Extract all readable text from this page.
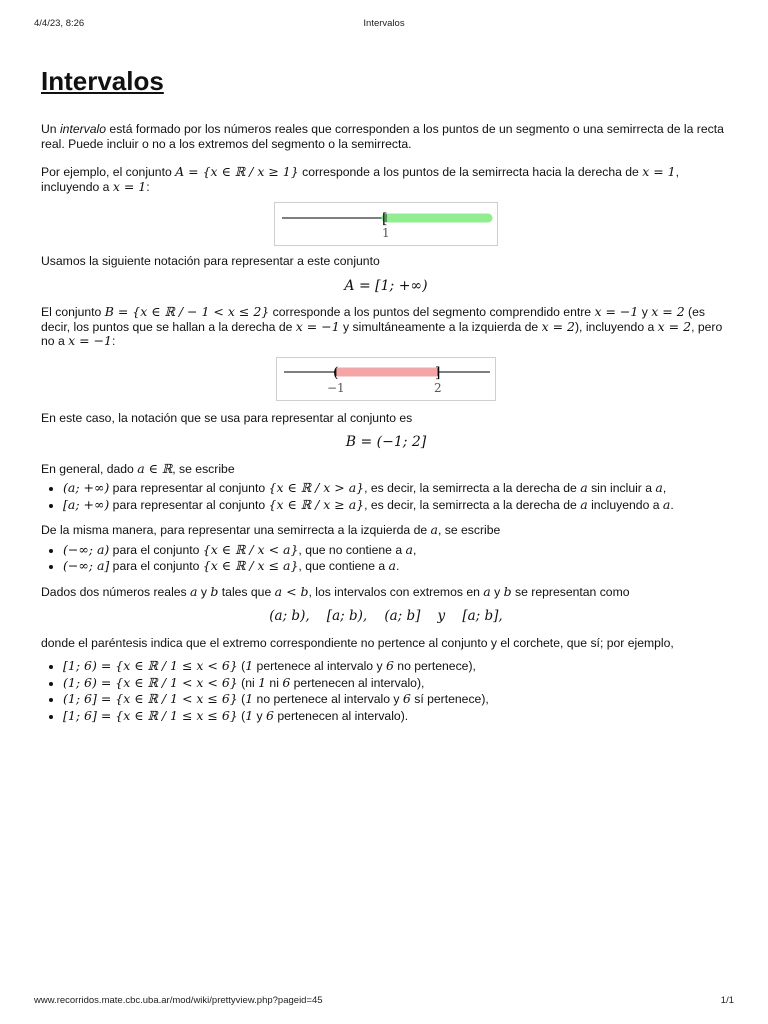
4/4/23, 8:26	Intervalos
Intervalos

Un intervalo está formado por los números reales que corresponden a los puntos de un segmento o una semirrecta de la recta real. Puede incluir o no a los extremos del segmento o la semirrecta.

Por ejemplo, el conjunto A = {x ∈ ℝ / x ≥ 1} corresponde a los puntos de la semirrecta hacia la derecha de x = 1, incluyendo a x = 1:

[
1

Usamos la siguiente notación para representar a este conjunto

A = [1; +∞)

El conjunto B = {x ∈ ℝ / − 1 < x ≤ 2} corresponde a los puntos del segmento comprendido entre x = −1 y x = 2 (es decir, los puntos que se hallan a la derecha de x = −1 y simultáneamente a la izquierda de x = 2), incluyendo a x = 2, pero no a x = −1:

(	]
−1	2

En este caso, la notación que se usa para representar al conjunto es

B = (−1; 2]

En general, dado a ∈ ℝ, se escribe

• (a; +∞) para representar al conjunto {x ∈ ℝ / x > a}, es decir, la semirrecta a la derecha de a sin incluir a a,
• [a; +∞) para representar al conjunto {x ∈ ℝ / x ≥ a}, es decir, la semirrecta a la derecha de a incluyendo a a.

De la misma manera, para representar una semirrecta a la izquierda de a, se escribe

• (−∞; a) para el conjunto {x ∈ ℝ / x < a}, que no contiene a a,
• (−∞; a] para el conjunto {x ∈ ℝ / x ≤ a}, que contiene a a.

Dados dos números reales a y b tales que a < b, los intervalos con extremos en a y b se representan como

(a; b),    [a; b),    (a; b]    y    [a; b],

donde el paréntesis indica que el extremo correspondiente no pertence al conjunto y el corchete, que sí; por ejemplo,

• [1; 6) = {x ∈ ℝ / 1 ≤ x < 6} (1 pertenece al intervalo y 6 no pertenece),
• (1; 6) = {x ∈ ℝ / 1 < x < 6} (ni 1 ni 6 pertenecen al intervalo),
• (1; 6] = {x ∈ ℝ / 1 < x ≤ 6} (1 no pertenece al intervalo y 6 sí pertenece),
• [1; 6] = {x ∈ ℝ / 1 ≤ x ≤ 6} (1 y 6 pertenecen al intervalo).
www.recorridos.mate.cbc.uba.ar/mod/wiki/prettyview.php?pageid=45	1/1
